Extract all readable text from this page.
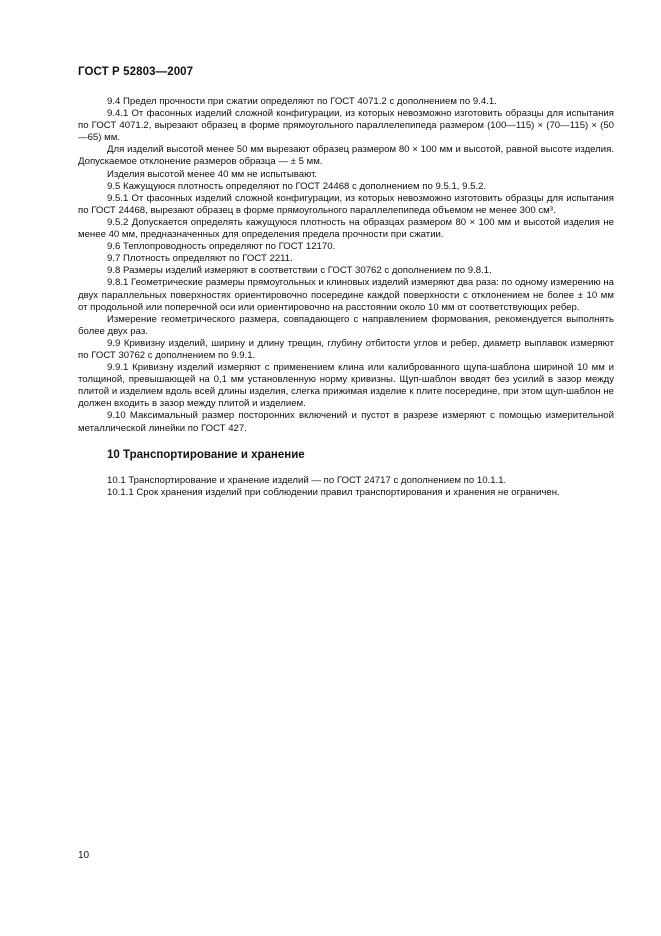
ГОСТ Р 52803—2007

9.4 Предел прочности при сжатии определяют по ГОСТ 4071.2 с дополнением по 9.4.1.

9.4.1 От фасонных изделий сложной конфигурации, из которых невозможно изготовить образцы для испытания по ГОСТ 4071.2, вырезают образец в форме прямоугольного параллелепипеда размером (100—115) × (70—115) × (50—65) мм.

Для изделий высотой менее 50 мм вырезают образец размером 80 × 100 мм и высотой, равной высоте изделия. Допускаемое отклонение размеров образца — ± 5 мм.

Изделия высотой менее 40 мм не испытывают.

9.5 Кажущуюся плотность определяют по ГОСТ 24468 с дополнением по 9.5.1, 9.5.2.

9.5.1 От фасонных изделий сложной конфигурации, из которых невозможно изготовить образцы для испытания по ГОСТ 24468, вырезают образец в форме прямоугольного параллелепипеда объемом не менее 300 см³.

9.5.2 Допускается определять кажущуюся плотность на образцах размером 80 × 100 мм и высотой изделия не менее 40 мм, предназначенных для определения предела прочности при сжатии.

9.6 Теплопроводность определяют по ГОСТ 12170.

9.7 Плотность определяют по ГОСТ 2211.

9.8 Размеры изделий измеряют в соответствии с ГОСТ 30762 с дополнением по 9.8.1.

9.8.1 Геометрические размеры прямоугольных и клиновых изделий измеряют два раза: по одному измерению на двух параллельных поверхностях ориентировочно посередине каждой поверхности с отклонением не более ± 10 мм от продольной или поперечной оси или ориентировочно на расстоянии около 10 мм от соответствующих ребер.

Измерение геометрического размера, совпадающего с направлением формования, рекомендуется выполнять более двух раз.

9.9 Кривизну изделий, ширину и длину трещин, глубину отбитости углов и ребер, диаметр выплавок измеряют по ГОСТ 30762 с дополнением по 9.9.1.

9.9.1 Кривизну изделий измеряют с применением клина или калиброванного щупа-шаблона шириной 10 мм и толщиной, превышающей на 0,1 мм установленную норму кривизны. Щуп-шаблон вводят без усилий в зазор между плитой и изделием вдоль всей длины изделия, слегка прижимая изделие к плите посередине, при этом щуп-шаблон не должен входить в зазор между плитой и изделием.

9.10 Максимальный размер посторонних включений и пустот в разрезе измеряют с помощью измерительной металлической линейки по ГОСТ 427.

10 Транспортирование и хранение

10.1 Транспортирование и хранение изделий — по ГОСТ 24717 с дополнением по 10.1.1.

10.1.1 Срок хранения изделий при соблюдении правил транспортирования и хранения не ограничен.

10
